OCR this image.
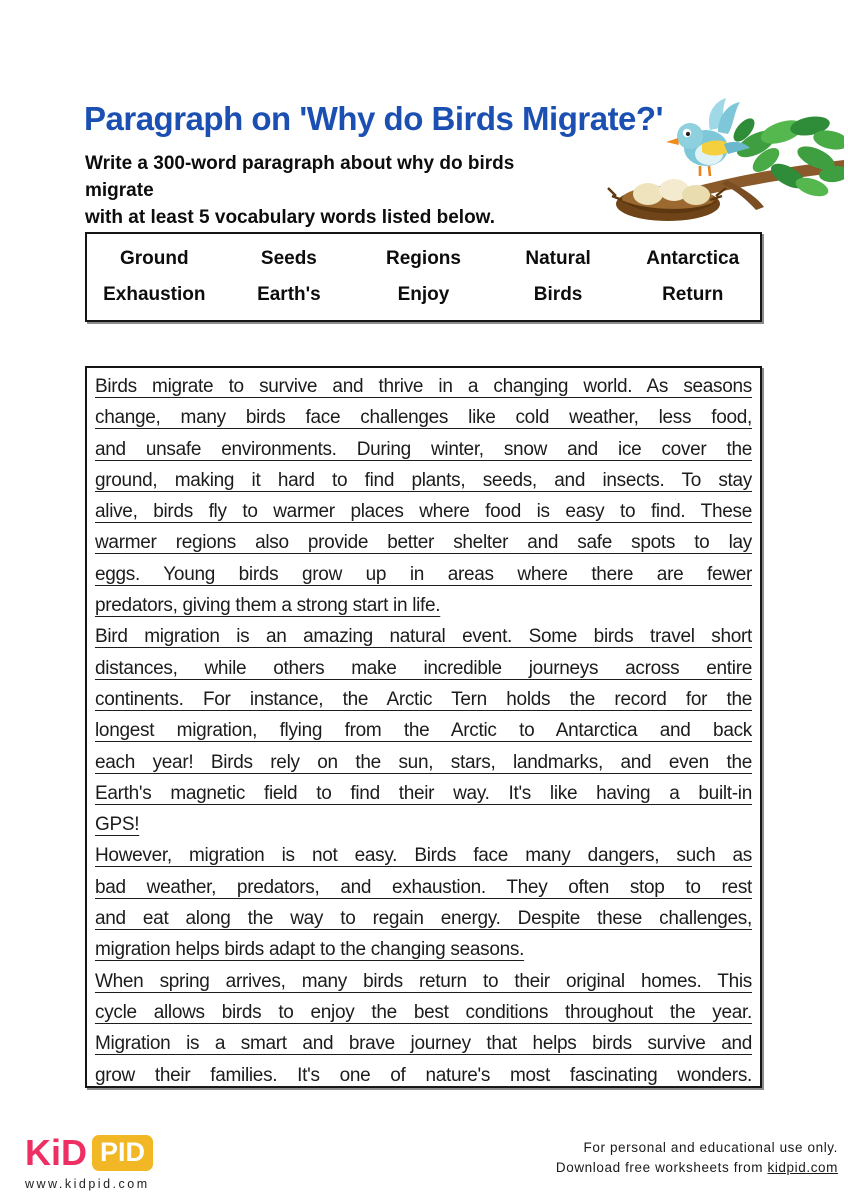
Paragraph on 'Why do Birds Migrate?'
Write a 300-word paragraph about why do birds migrate
with at least 5 vocabulary words listed below.
Ground	Seeds	Regions	Natural	Antarctica
Exhaustion	Earth's	Enjoy	Birds	Return
Birds migrate to survive and thrive in a changing world. As seasons
change, many birds face challenges like cold weather, less food,
and unsafe environments. During winter, snow and ice cover the
ground, making it hard to find plants, seeds, and insects. To stay
alive, birds fly to warmer places where food is easy to find. These
warmer regions also provide better shelter and safe spots to lay
eggs. Young birds grow up in areas where there are fewer
predators, giving them a strong start in life.
Bird migration is an amazing natural event. Some birds travel short
distances, while others make incredible journeys across entire
continents. For instance, the Arctic Tern holds the record for the
longest migration, flying from the Arctic to Antarctica and back
each year! Birds rely on the sun, stars, landmarks, and even the
Earth's magnetic field to find their way. It's like having a built-in
GPS!
However, migration is not easy. Birds face many dangers, such as
bad weather, predators, and exhaustion. They often stop to rest
and eat along the way to regain energy. Despite these challenges,
migration helps birds adapt to the changing seasons.
When spring arrives, many birds return to their original homes. This
cycle allows birds to enjoy the best conditions throughout the year.
Migration is a smart and brave journey that helps birds survive and
grow their families. It's one of nature's most fascinating wonders.
KiD PID
www.kidpid.com
For personal and educational use only.
Download free worksheets from kidpid.com
